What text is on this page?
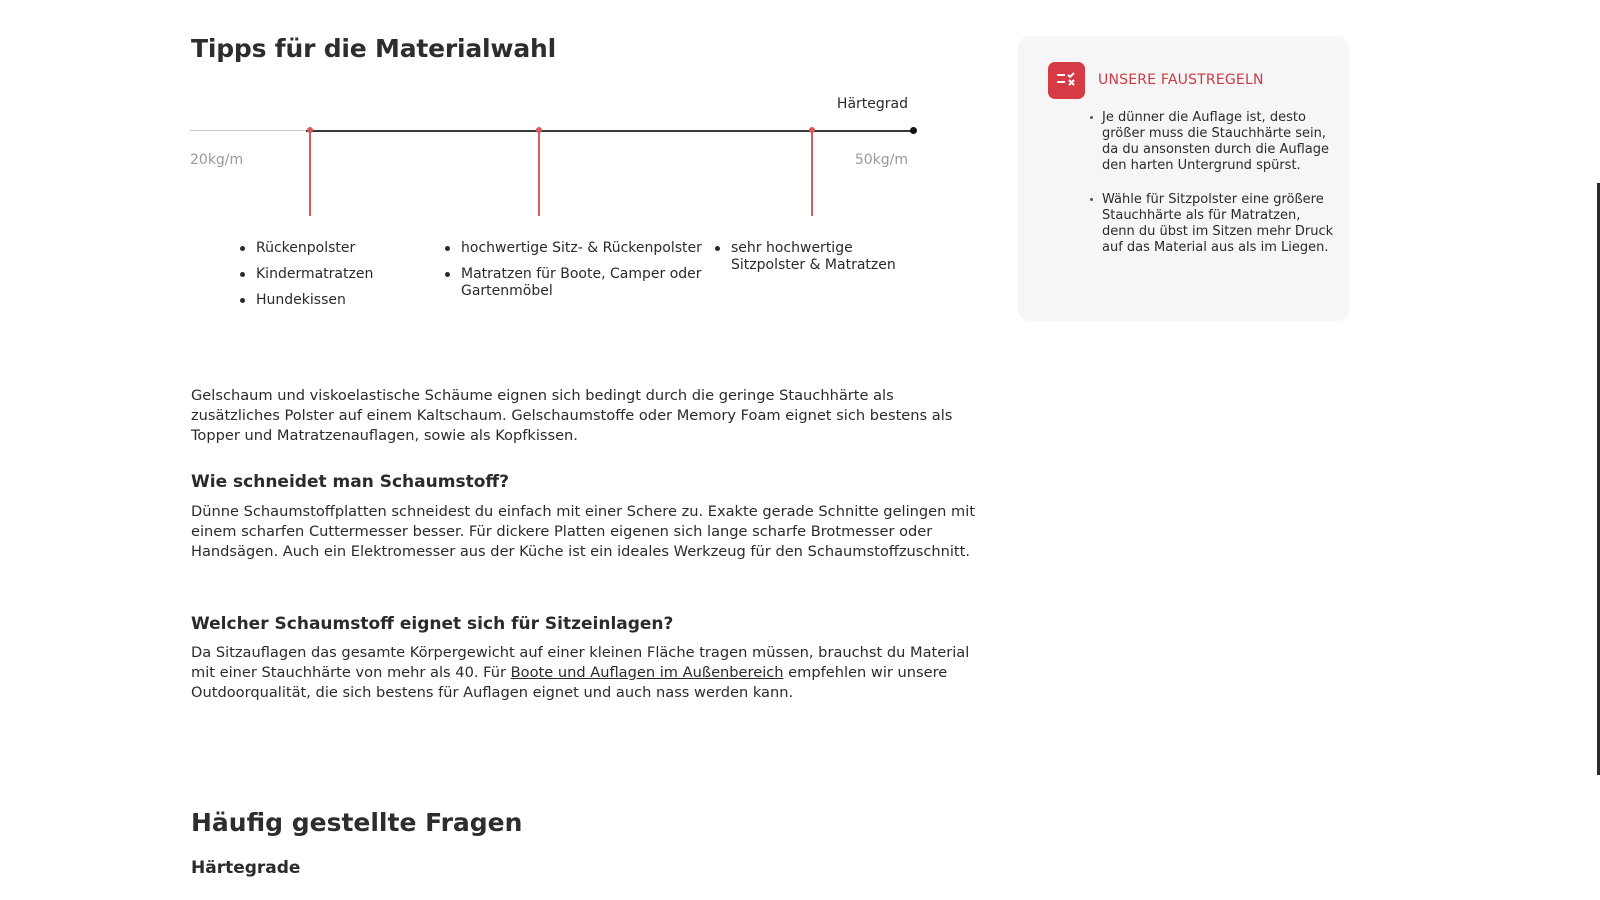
Tipps für die Materialwahl
Härtegrad
20kg/m	50kg/m
Rückenpolster
Kindermatratzen
Hundekissen
hochwertige Sitz- & Rückenpolster
Matratzen für Boote, Camper oder Gartenmöbel
sehr hochwertige Sitzpolster & Matratzen

Gelschaum und viskoelastische Schäume eignen sich bedingt durch die geringe Stauchhärte als zusätzliches Polster auf einem Kaltschaum. Gelschaumstoffe oder Memory Foam eignet sich bestens als Topper und Matratzenauflagen, sowie als Kopfkissen.

Wie schneidet man Schaumstoff?

Dünne Schaumstoffplatten schneidest du einfach mit einer Schere zu. Exakte gerade Schnitte gelingen mit einem scharfen Cuttermesser besser. Für dickere Platten eigenen sich lange scharfe Brotmesser oder Handsägen. Auch ein Elektromesser aus der Küche ist ein ideales Werkzeug für den Schaumstoffzuschnitt.

Welcher Schaumstoff eignet sich für Sitzeinlagen?

Da Sitzauflagen das gesamte Körpergewicht auf einer kleinen Fläche tragen müssen, brauchst du Material mit einer Stauchhärte von mehr als 40. Für Boote und Auflagen im Außenbereich empfehlen wir unsere Outdoorqualität, die sich bestens für Auflagen eignet und auch nass werden kann.

Häufig gestellte Fragen
Härtegrade
UNSERE FAUSTREGELN
Je dünner die Auflage ist, desto größer muss die Stauchhärte sein, da du ansonsten durch die Auflage den harten Untergrund spürst.
Wähle für Sitzpolster eine größere Stauchhärte als für Matratzen, denn du übst im Sitzen mehr Druck auf das Material aus als im Liegen.
